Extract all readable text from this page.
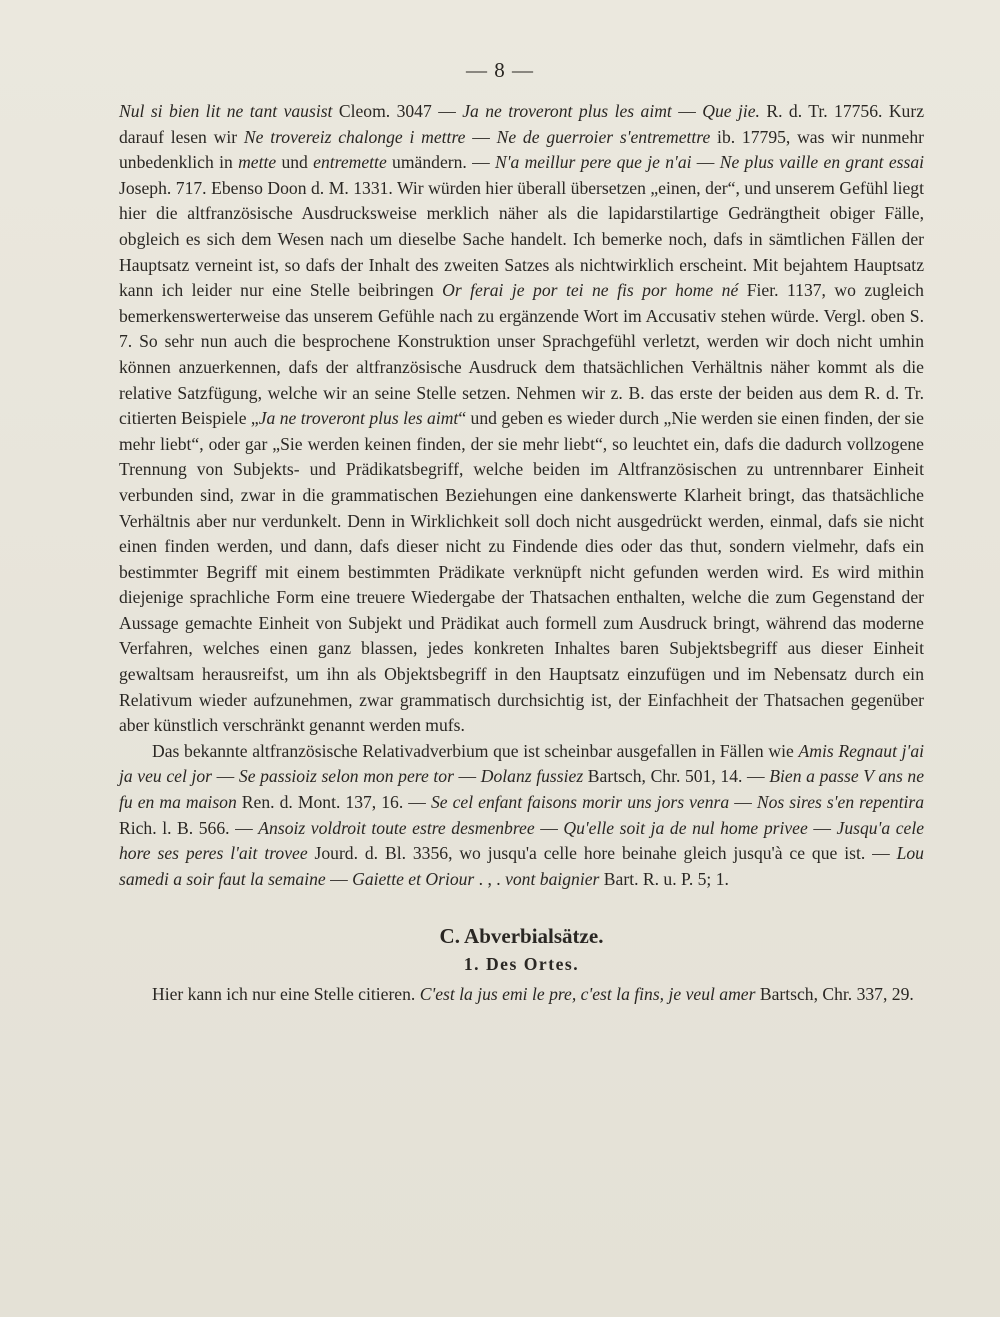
— 8 —

Nul si bien lit ne tant vausist Cleom. 3047 — Ja ne troveront plus les aimt — Que jie. R. d. Tr. 17756. Kurz darauf lesen wir Ne trovereiz chalonge i mettre — Ne de guerroier s'entremettre ib. 17795, was wir nunmehr unbedenklich in mette und entremette umändern. — N'a meillur pere que je n'ai — Ne plus vaille en grant essai Joseph. 717. Ebenso Doon d. M. 1331. Wir würden hier überall übersetzen „einen, der“, und unserem Gefühl liegt hier die altfranzösische Ausdrucksweise merklich näher als die lapidarstilartige Gedrängtheit obiger Fälle, obgleich es sich dem Wesen nach um dieselbe Sache handelt. Ich bemerke noch, dafs in sämtlichen Fällen der Hauptsatz verneint ist, so dafs der Inhalt des zweiten Satzes als nichtwirklich erscheint. Mit bejahtem Hauptsatz kann ich leider nur eine Stelle beibringen Or ferai je por tei ne fis por home né Fier. 1137, wo zugleich bemerkenswerterweise das unserem Gefühle nach zu ergänzende Wort im Accusativ stehen würde. Vergl. oben S. 7. So sehr nun auch die besprochene Konstruktion unser Sprachgefühl verletzt, werden wir doch nicht umhin können anzuerkennen, dafs der altfranzösische Ausdruck dem thatsächlichen Verhältnis näher kommt als die relative Satzfügung, welche wir an seine Stelle setzen. Nehmen wir z. B. das erste der beiden aus dem R. d. Tr. citierten Beispiele „Ja ne troveront plus les aimt“ und geben es wieder durch „Nie werden sie einen finden, der sie mehr liebt“, oder gar „Sie werden keinen finden, der sie mehr liebt“, so leuchtet ein, dafs die dadurch vollzogene Trennung von Subjekts- und Prädikatsbegriff, welche beiden im Altfranzösischen zu untrennbarer Einheit verbunden sind, zwar in die grammatischen Beziehungen eine dankenswerte Klarheit bringt, das thatsächliche Verhältnis aber nur verdunkelt. Denn in Wirklichkeit soll doch nicht ausgedrückt werden, einmal, dafs sie nicht einen finden werden, und dann, dafs dieser nicht zu Findende dies oder das thut, sondern vielmehr, dafs ein bestimmter Begriff mit einem bestimmten Prädikate verknüpft nicht gefunden werden wird. Es wird mithin diejenige sprachliche Form eine treuere Wiedergabe der Thatsachen enthalten, welche die zum Gegenstand der Aussage gemachte Einheit von Subjekt und Prädikat auch formell zum Ausdruck bringt, während das moderne Verfahren, welches einen ganz blassen, jedes konkreten Inhaltes baren Subjektsbegriff aus dieser Einheit gewaltsam herausreifst, um ihn als Objektsbegriff in den Hauptsatz einzufügen und im Nebensatz durch ein Relativum wieder aufzunehmen, zwar grammatisch durchsichtig ist, der Einfachheit der Thatsachen gegenüber aber künstlich verschränkt genannt werden mufs.

Das bekannte altfranzösische Relativadverbium que ist scheinbar ausgefallen in Fällen wie Amis Regnaut j'ai ja veu cel jor — Se passioiz selon mon pere tor — Dolanz fussiez Bartsch, Chr. 501, 14. — Bien a passe V ans ne fu en ma maison Ren. d. Mont. 137, 16. — Se cel enfant faisons morir uns jors venra — Nos sires s'en repentira Rich. l. B. 566. — Ansoiz voldroit toute estre desmenbree — Qu'elle soit ja de nul home privee — Jusqu'a cele hore ses peres l'ait trovee Jourd. d. Bl. 3356, wo jusqu'a celle hore beinahe gleich jusqu'à ce que ist. — Lou samedi a soir faut la semaine — Gaiette et Oriour . , . vont baignier Bart. R. u. P. 5; 1.

C. Abverbialsätze.
1. Des Ortes.

Hier kann ich nur eine Stelle citieren. C'est la jus emi le pre, c'est la fins, je veul amer Bartsch, Chr. 337, 29.
